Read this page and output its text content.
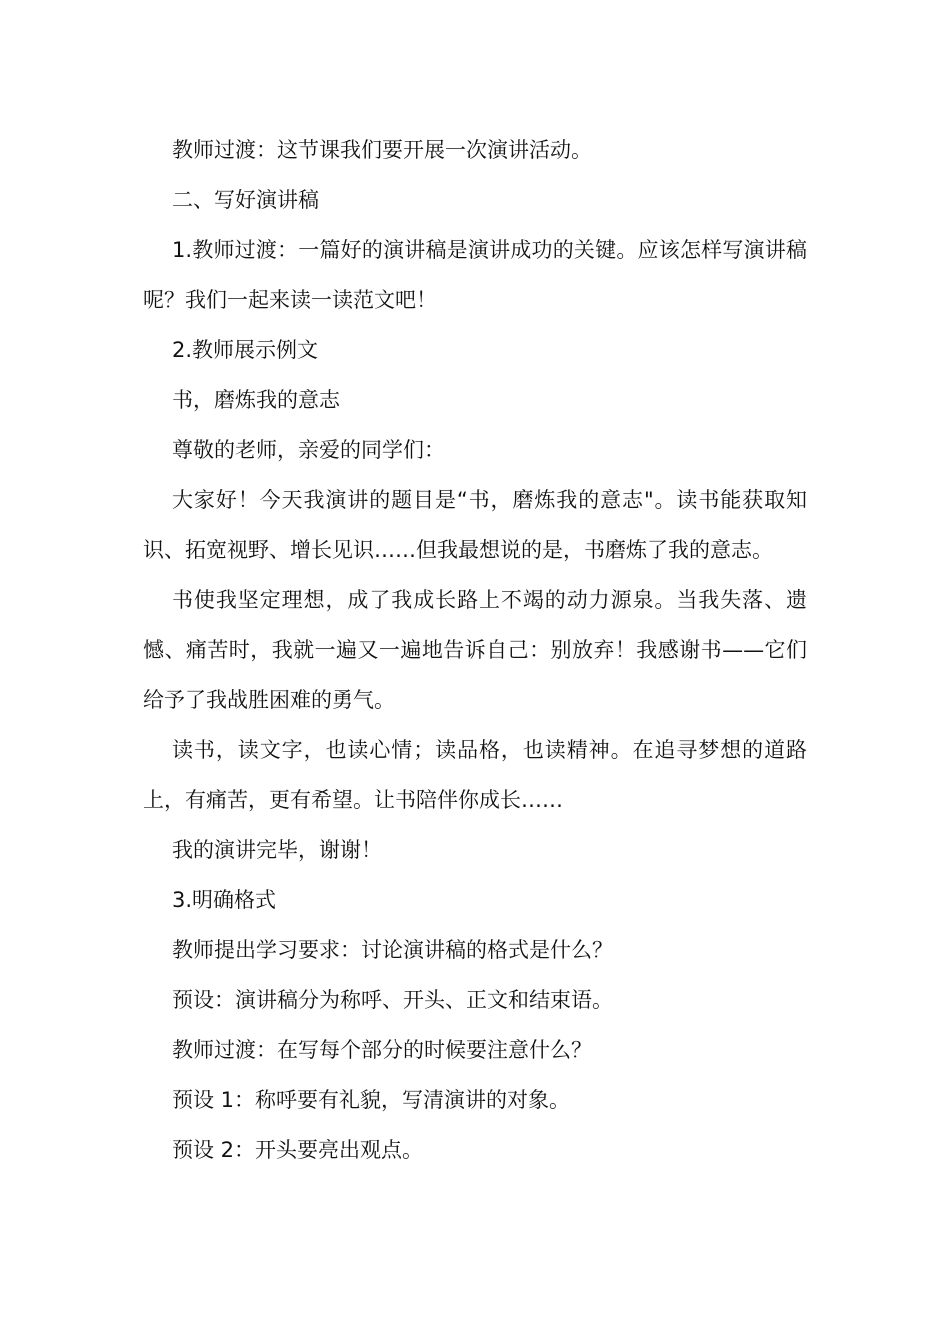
教师过渡：这节课我们要开展一次演讲活动。

二、写好演讲稿

1.教师过渡：一篇好的演讲稿是演讲成功的关键。应该怎样写演讲稿呢？我们一起来读一读范文吧！

2.教师展示例文

书，磨炼我的意志

尊敬的老师，亲爱的同学们：

大家好！今天我演讲的题目是“书，磨炼我的意志"。读书能获取知识、拓宽视野、增长见识……但我最想说的是，书磨炼了我的意志。

书使我坚定理想，成了我成长路上不竭的动力源泉。当我失落、遗憾、痛苦时，我就一遍又一遍地告诉自己：别放弃！我感谢书——它们给予了我战胜困难的勇气。

读书，读文字，也读心情；读品格，也读精神。在追寻梦想的道路上，有痛苦，更有希望。让书陪伴你成长……

我的演讲完毕，谢谢！

3.明确格式

教师提出学习要求：讨论演讲稿的格式是什么？

预设：演讲稿分为称呼、开头、正文和结束语。

教师过渡：在写每个部分的时候要注意什么？

预设 1：称呼要有礼貌，写清演讲的对象。

预设 2：开头要亮出观点。
